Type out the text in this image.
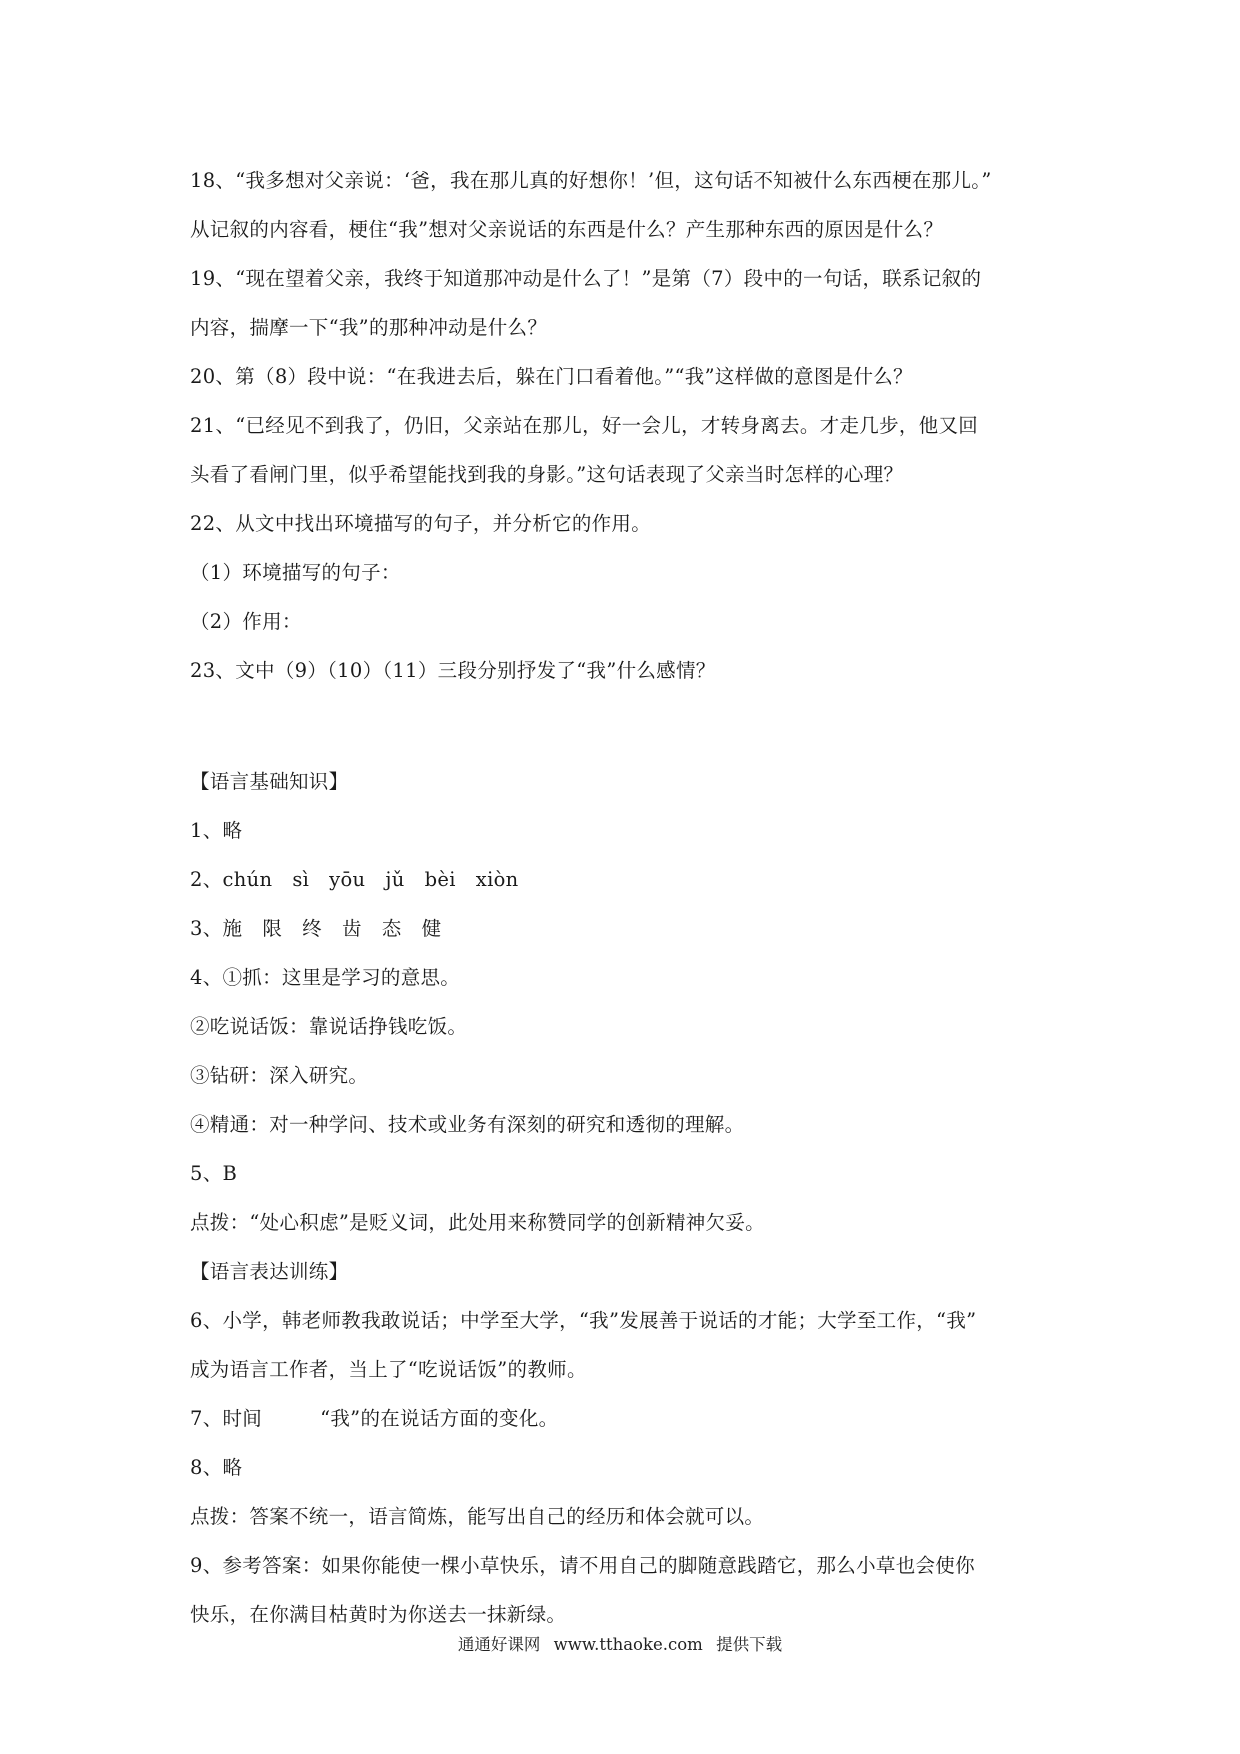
18、“我多想对父亲说：‘爸，我在那儿真的好想你！’但，这句话不知被什么东西梗在那儿。”
从记叙的内容看，梗住“我”想对父亲说话的东西是什么？产生那种东西的原因是什么？
19、“现在望着父亲，我终于知道那冲动是什么了！”是第（7）段中的一句话，联系记叙的
内容，揣摩一下“我”的那种冲动是什么？
20、第（8）段中说：“在我进去后，躲在门口看着他。”“我”这样做的意图是什么？
21、“已经见不到我了，仍旧，父亲站在那儿，好一会儿，才转身离去。才走几步，他又回
头看了看闸门里，似乎希望能找到我的身影。”这句话表现了父亲当时怎样的心理？
22、从文中找出环境描写的句子，并分析它的作用。
（1）环境描写的句子：
（2）作用：
23、文中（9）（10）（11）三段分别抒发了“我”什么感情？
【语言基础知识】
1、略
2、chún sì yōu jǔ bèi xiòn
3、施 限 终 齿 态 健
4、①抓：这里是学习的意思。
②吃说话饭：靠说话挣钱吃饭。
③钻研：深入研究。
④精通：对一种学问、技术或业务有深刻的研究和透彻的理解。
5、B
点拨：“处心积虑”是贬义词，此处用来称赞同学的创新精神欠妥。
【语言表达训练】
6、小学，韩老师教我敢说话；中学至大学，“我”发展善于说话的才能；大学至工作，“我”
成为语言工作者，当上了“吃说话饭”的教师。
7、时间	“我”的在说话方面的变化。
8、略
点拨：答案不统一，语言简炼，能写出自己的经历和体会就可以。
9、参考答案：如果你能使一棵小草快乐，请不用自己的脚随意践踏它，那么小草也会使你
快乐，在你满目枯黄时为你送去一抹新绿。
通通好课网 www.tthaoke.com 提供下载
